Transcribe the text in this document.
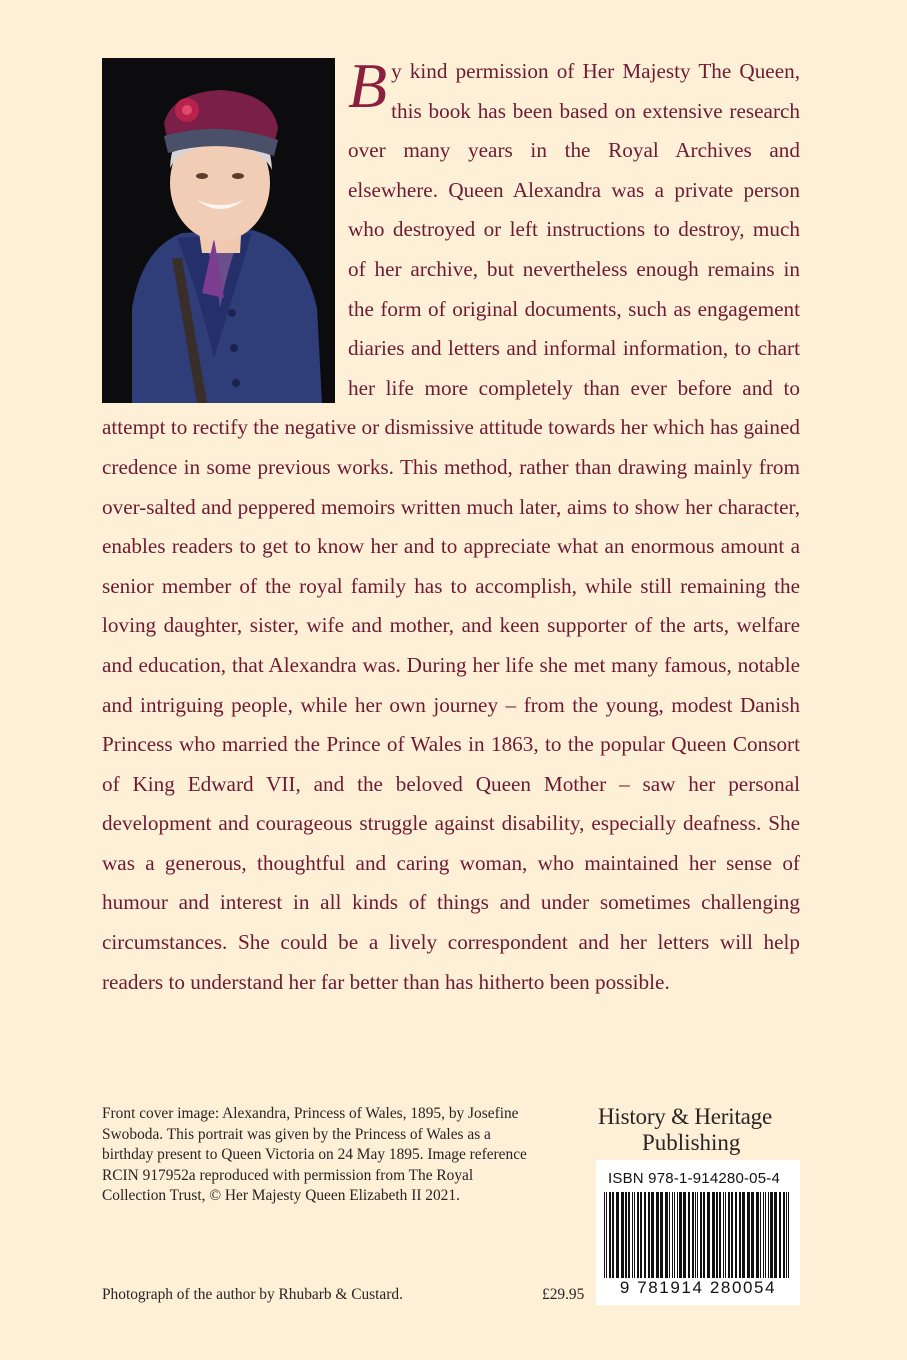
B y kind permission of Her Majesty The Queen, this book has been based on extensive research over many years in the Royal Archives and elsewhere. Queen Alexandra was a private person who destroyed or left instructions to destroy, much of her archive, but nevertheless enough remains in the form of original documents, such as engagement diaries and letters and informal information, to chart her life more completely than ever before and to attempt to rectify the negative or dismissive attitude towards her which has gained credence in some previous works. This method, rather than drawing mainly from over-salted and peppered memoirs written much later, aims to show her character, enables readers to get to know her and to appreciate what an enormous amount a senior member of the royal family has to accomplish, while still remaining the loving daughter, sister, wife and mother, and keen supporter of the arts, welfare and education, that Alexandra was. During her life she met many famous, notable and intriguing people, while her own journey – from the young, modest Danish Princess who married the Prince of Wales in 1863, to the popular Queen Consort of King Edward VII, and the beloved Queen Mother – saw her personal development and courageous struggle against disability, especially deafness. She was a generous, thoughtful and caring woman, who maintained her sense of humour and interest in all kinds of things and under sometimes challenging circumstances. She could be a lively correspondent and her letters will help readers to understand her far better than has hitherto been possible.
Front cover image: Alexandra, Princess of Wales, 1895, by Josefine Swoboda. This portrait was given by the Princess of Wales as a birthday present to Queen Victoria on 24 May 1895. Image reference RCIN 917952a reproduced with permission from The Royal Collection Trust, © Her Majesty Queen Elizabeth II 2021.
Photograph of the author by Rhubarb & Custard.
History & Heritage
Publishing
£29.95
ISBN 978-1-914280-05-4
9 781914 280054
